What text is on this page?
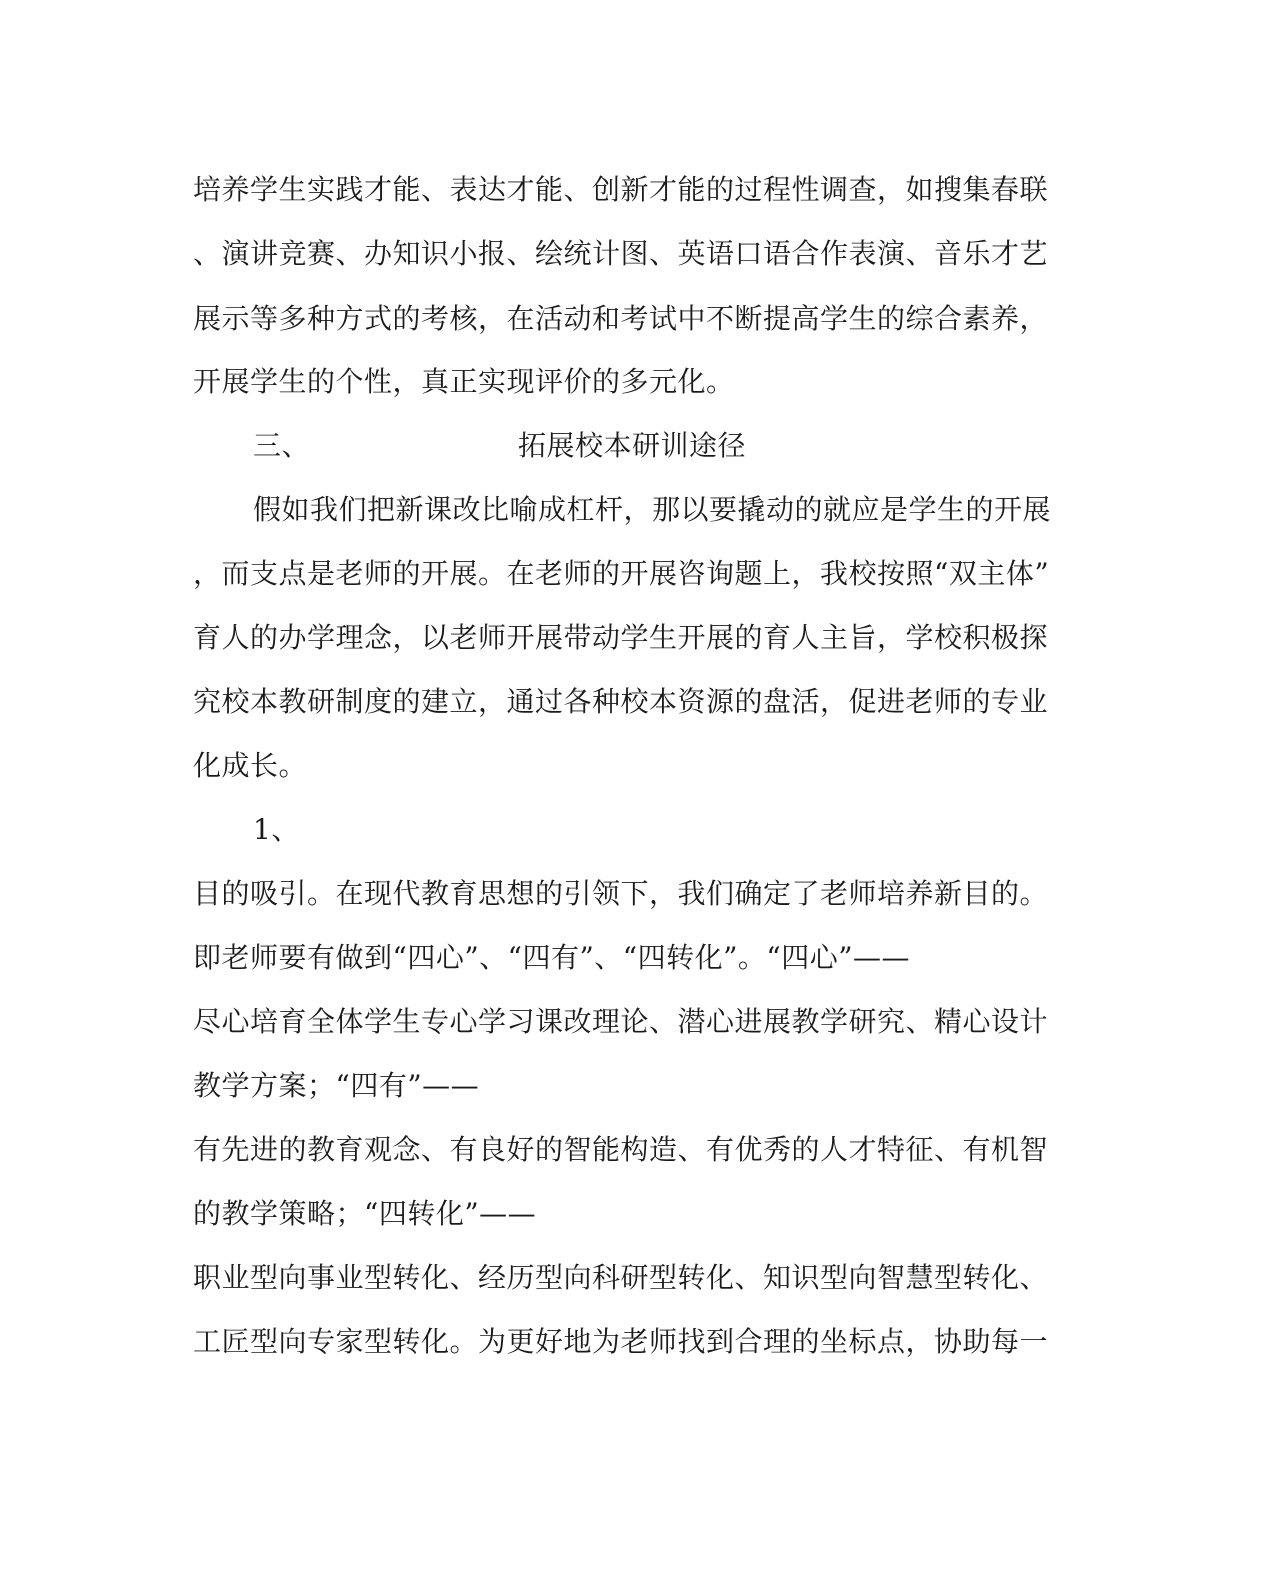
培养学生实践才能、表达才能、创新才能的过程性调查，如搜集春联
、演讲竞赛、办知识小报、绘统计图、英语口语合作表演、音乐才艺
展示等多种方式的考核，在活动和考试中不断提高学生的综合素养，
开展学生的个性，真正实现评价的多元化。
三、	拓展校本研训途径
假如我们把新课改比喻成杠杆，那以要撬动的就应是学生的开展
，而支点是老师的开展。在老师的开展咨询题上，我校按照“双主体”
育人的办学理念，以老师开展带动学生开展的育人主旨，学校积极探
究校本教研制度的建立，通过各种校本资源的盘活，促进老师的专业
化成长。
1、
目的吸引。在现代教育思想的引领下，我们确定了老师培养新目的。
即老师要有做到“四心”、“四有”、“四转化”。“四心”——
尽心培育全体学生专心学习课改理论、潜心进展教学研究、精心设计
教学方案；“四有”——
有先进的教育观念、有良好的智能构造、有优秀的人才特征、有机智
的教学策略；“四转化”——
职业型向事业型转化、经历型向科研型转化、知识型向智慧型转化、
工匠型向专家型转化。为更好地为老师找到合理的坐标点，协助每一
